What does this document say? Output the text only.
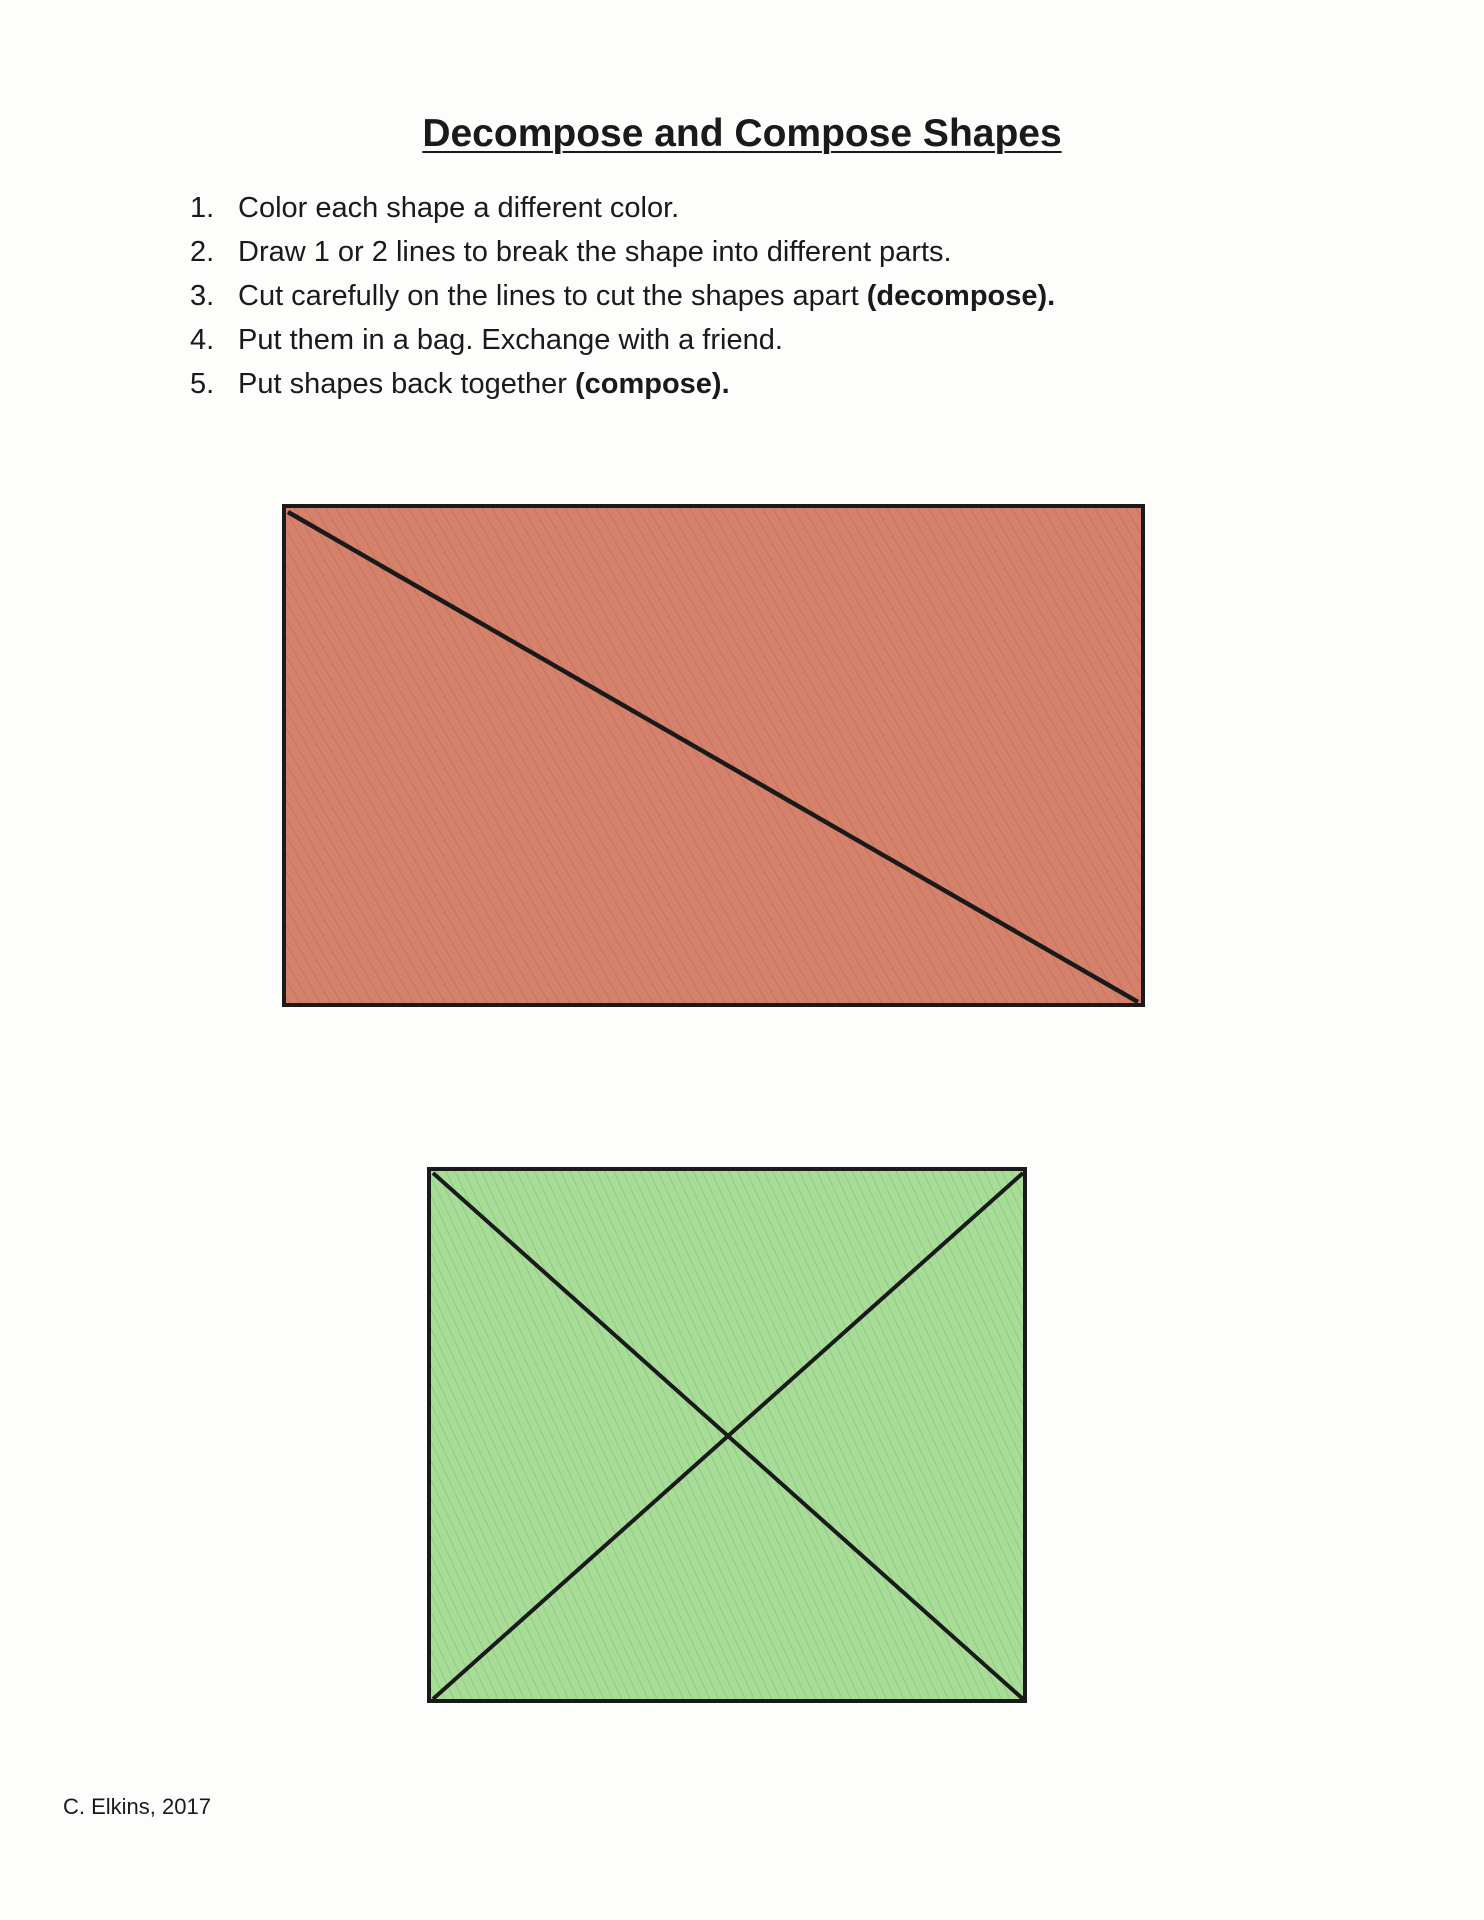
Decompose and Compose Shapes
1. Color each shape a different color.
2. Draw 1 or 2 lines to break the shape into different parts.
3. Cut carefully on the lines to cut the shapes apart (decompose).
4. Put them in a bag. Exchange with a friend.
5. Put shapes back together (compose).
C. Elkins, 2017
